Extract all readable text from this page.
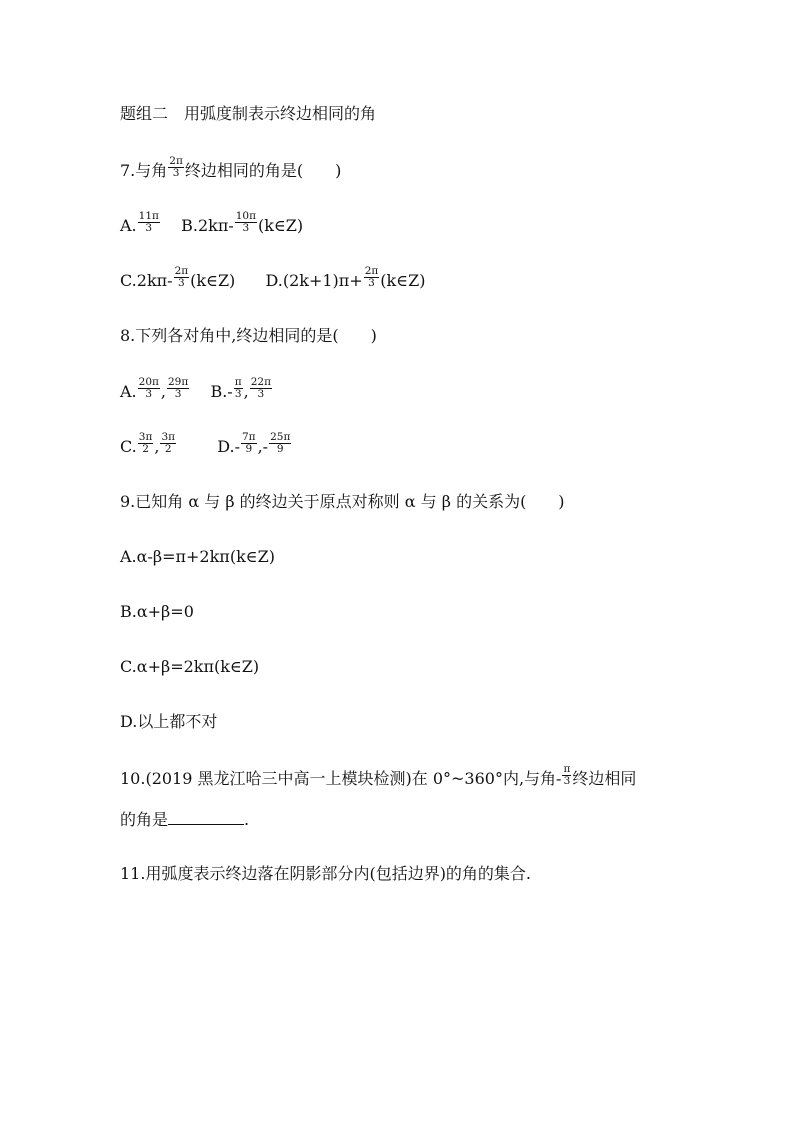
题组二　用弧度制表示终边相同的角
7.与角 $\frac{2\pi}{3}$ 终边相同的角是(　　)
A. $\frac{11\pi}{3} B.2k\pi- \frac{10\pi}{3}$ (k∈Z)
$C.2k\pi- \frac{2\pi}{3}$ (k∈Z) $D.(2k+1)\pi+ \frac{2\pi}{3}$ (k∈Z)
8.下列各对角中,终边相同的是(　　)
A. $\frac{20\pi}{3}$ , $\frac{29\pi}{3} B.- \frac{\pi}{3}$ , $\frac{22\pi}{3}$
C. $\frac{3\pi}{2}$ , $\frac{3\pi}{2}$	$D.- \frac{7\pi}{9}$ ,- $\frac{25\pi}{9}$
9.已知角 α 与 β 的终边关于原点对称则 α 与 β 的关系为(　　)
A.α-β=π+2kπ(k∈Z)
B.α+β=0
C.α+β=2kπ(k∈Z)
D.以上都不对
10.(2019 黑龙江哈三中高一上模块检测)在 0°~360°内,与角- $\frac{\pi}{3}$ 终边相同
的角是	.
11.用弧度表示终边落在阴影部分内(包括边界)的角的集合.
